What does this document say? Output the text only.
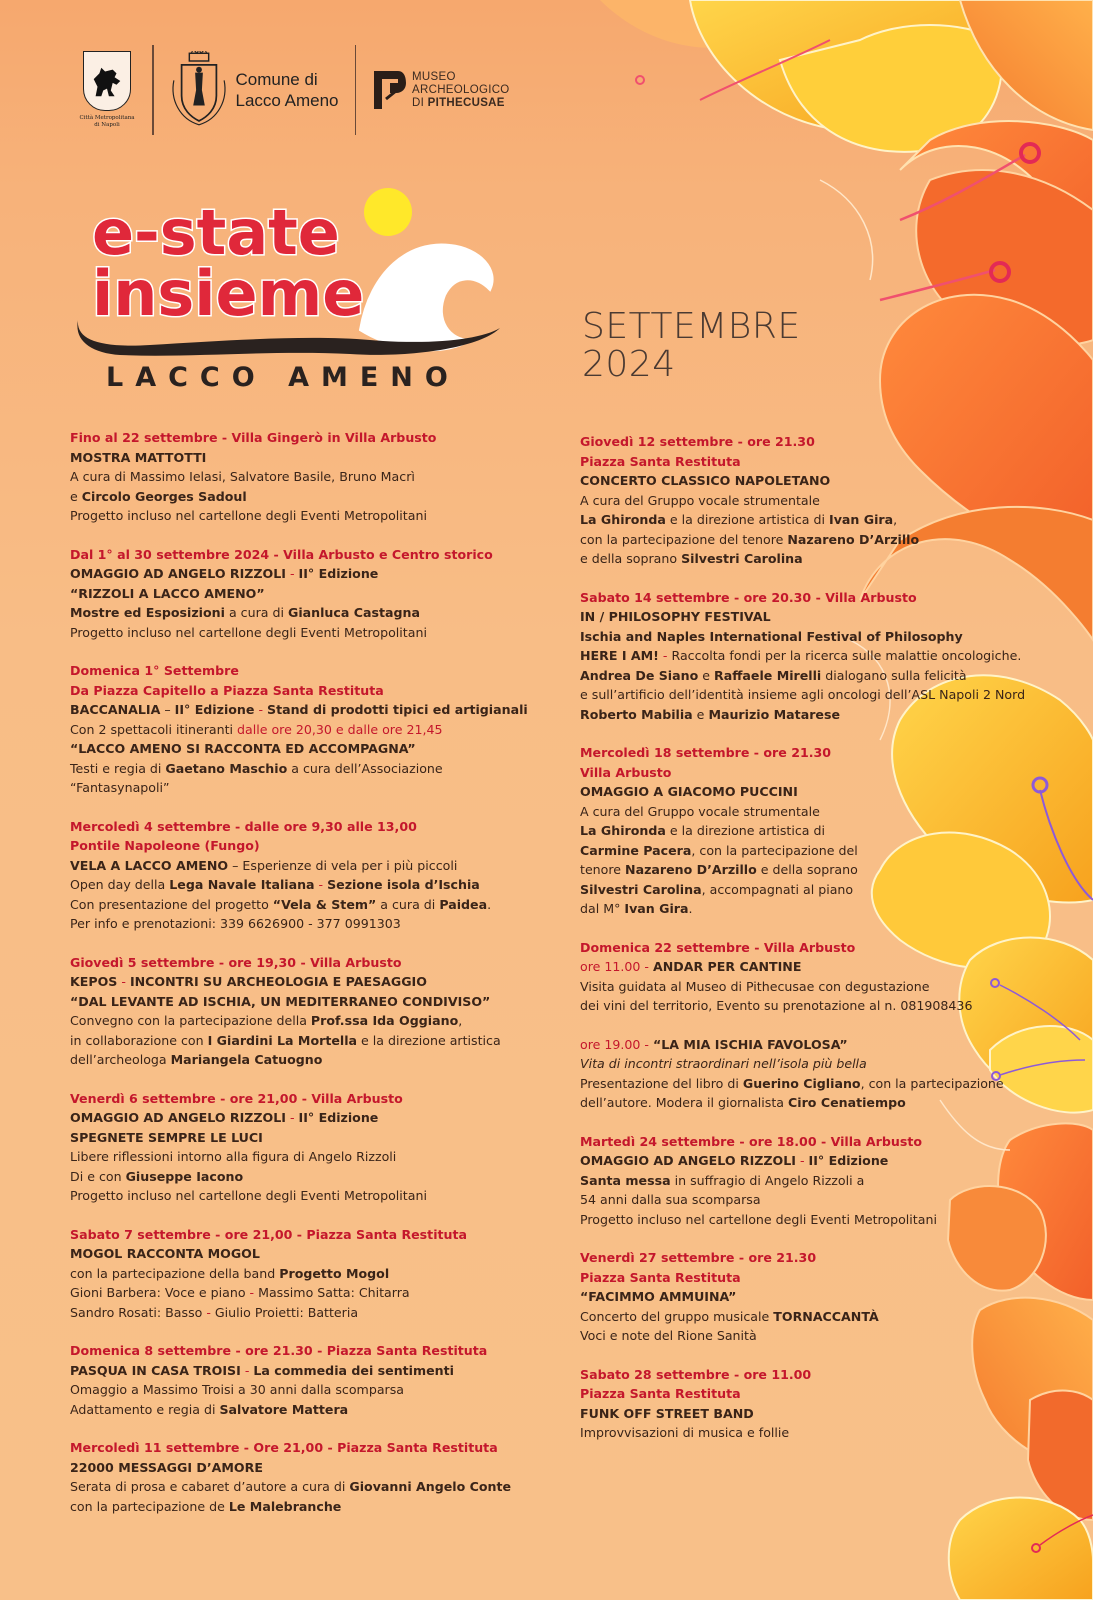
Città Metropolitana di Napoli
Comune di
Lacco Ameno
MUSEO
ARCHEOLOGICO
DI PITHECUSAE
e-state
insieme
LACCO AMENO
SETTEMBRE
2024
Fino al 22 settembre - Villa Gingerò in Villa Arbusto
MOSTRA MATTOTTI
A cura di Massimo Ielasi, Salvatore Basile, Bruno Macrì
e Circolo Georges Sadoul
Progetto incluso nel cartellone degli Eventi Metropolitani
Dal 1° al 30 settembre 2024 - Villa Arbusto e Centro storico
OMAGGIO AD ANGELO RIZZOLI - II° Edizione
“RIZZOLI A LACCO AMENO”
Mostre ed Esposizioni a cura di Gianluca Castagna
Progetto incluso nel cartellone degli Eventi Metropolitani
Domenica 1° Settembre
Da Piazza Capitello a Piazza Santa Restituta
BACCANALIA – II° Edizione - Stand di prodotti tipici ed artigianali
Con 2 spettacoli itineranti dalle ore 20,30 e dalle ore 21,45
“LACCO AMENO SI RACCONTA ED ACCOMPAGNA”
Testi e regia di Gaetano Maschio a cura dell’Associazione
“Fantasynapoli”
Mercoledì 4 settembre - dalle ore 9,30 alle 13,00
Pontile Napoleone (Fungo)
VELA A LACCO AMENO – Esperienze di vela per i più piccoli
Open day della Lega Navale Italiana - Sezione isola d’Ischia
Con presentazione del progetto “Vela & Stem” a cura di Paidea.
Per info e prenotazioni: 339 6626900 - 377 0991303
Giovedì 5 settembre - ore 19,30 - Villa Arbusto
KEPOS - INCONTRI SU ARCHEOLOGIA E PAESAGGIO
“DAL LEVANTE AD ISCHIA, UN MEDITERRANEO CONDIVISO”
Convegno con la partecipazione della Prof.ssa Ida Oggiano,
in collaborazione con I Giardini La Mortella e la direzione artistica
dell’archeologa Mariangela Catuogno
Venerdì 6 settembre - ore 21,00 - Villa Arbusto
OMAGGIO AD ANGELO RIZZOLI - II° Edizione
SPEGNETE SEMPRE LE LUCI
Libere riflessioni intorno alla figura di Angelo Rizzoli
Di e con Giuseppe Iacono
Progetto incluso nel cartellone degli Eventi Metropolitani
Sabato 7 settembre - ore 21,00 - Piazza Santa Restituta
MOGOL RACCONTA MOGOL
con la partecipazione della band Progetto Mogol
Gioni Barbera: Voce e piano - Massimo Satta: Chitarra
Sandro Rosati: Basso - Giulio Proietti: Batteria
Domenica 8 settembre - ore 21.30 - Piazza Santa Restituta
PASQUA IN CASA TROISI - La commedia dei sentimenti
Omaggio a Massimo Troisi a 30 anni dalla scomparsa
Adattamento e regia di Salvatore Mattera
Mercoledì 11 settembre - Ore 21,00 - Piazza Santa Restituta
22000 MESSAGGI D’AMORE
Serata di prosa e cabaret d’autore a cura di Giovanni Angelo Conte
con la partecipazione de Le Malebranche
Giovedì 12 settembre - ore 21.30
Piazza Santa Restituta
CONCERTO CLASSICO NAPOLETANO
A cura del Gruppo vocale strumentale
La Ghironda e la direzione artistica di Ivan Gira,
con la partecipazione del tenore Nazareno D’Arzillo
e della soprano Silvestri Carolina
Sabato 14 settembre - ore 20.30 - Villa Arbusto
IN / PHILOSOPHY FESTIVAL
Ischia and Naples International Festival of Philosophy
HERE I AM! - Raccolta fondi per la ricerca sulle malattie oncologiche.
Andrea De Siano e Raffaele Mirelli dialogano sulla felicità
e sull’artificio dell’identità insieme agli oncologi dell’ASL Napoli 2 Nord
Roberto Mabilia e Maurizio Matarese
Mercoledì 18 settembre - ore 21.30
Villa Arbusto
OMAGGIO A GIACOMO PUCCINI
A cura del Gruppo vocale strumentale
La Ghironda e la direzione artistica di
Carmine Pacera, con la partecipazione del
tenore Nazareno D’Arzillo e della soprano
Silvestri Carolina, accompagnati al piano
dal M° Ivan Gira.
Domenica 22 settembre - Villa Arbusto
ore 11.00 - ANDAR PER CANTINE
Visita guidata al Museo di Pithecusae con degustazione
dei vini del territorio, Evento su prenotazione al n. 081908436
ore 19.00 - “LA MIA ISCHIA FAVOLOSA”
Vita di incontri straordinari nell’isola più bella
Presentazione del libro di Guerino Cigliano, con la partecipazione
dell’autore. Modera il giornalista Ciro Cenatiempo
Martedì 24 settembre - ore 18.00 - Villa Arbusto
OMAGGIO AD ANGELO RIZZOLI - II° Edizione
Santa messa in suffragio di Angelo Rizzoli a
54 anni dalla sua scomparsa
Progetto incluso nel cartellone degli Eventi Metropolitani
Venerdì 27 settembre - ore 21.30
Piazza Santa Restituta
“FACIMMO AMMUINA”
Concerto del gruppo musicale TORNACCANTÀ
Voci e note del Rione Sanità
Sabato 28 settembre - ore 11.00
Piazza Santa Restituta
FUNK OFF STREET BAND
Improvvisazioni di musica e follie
